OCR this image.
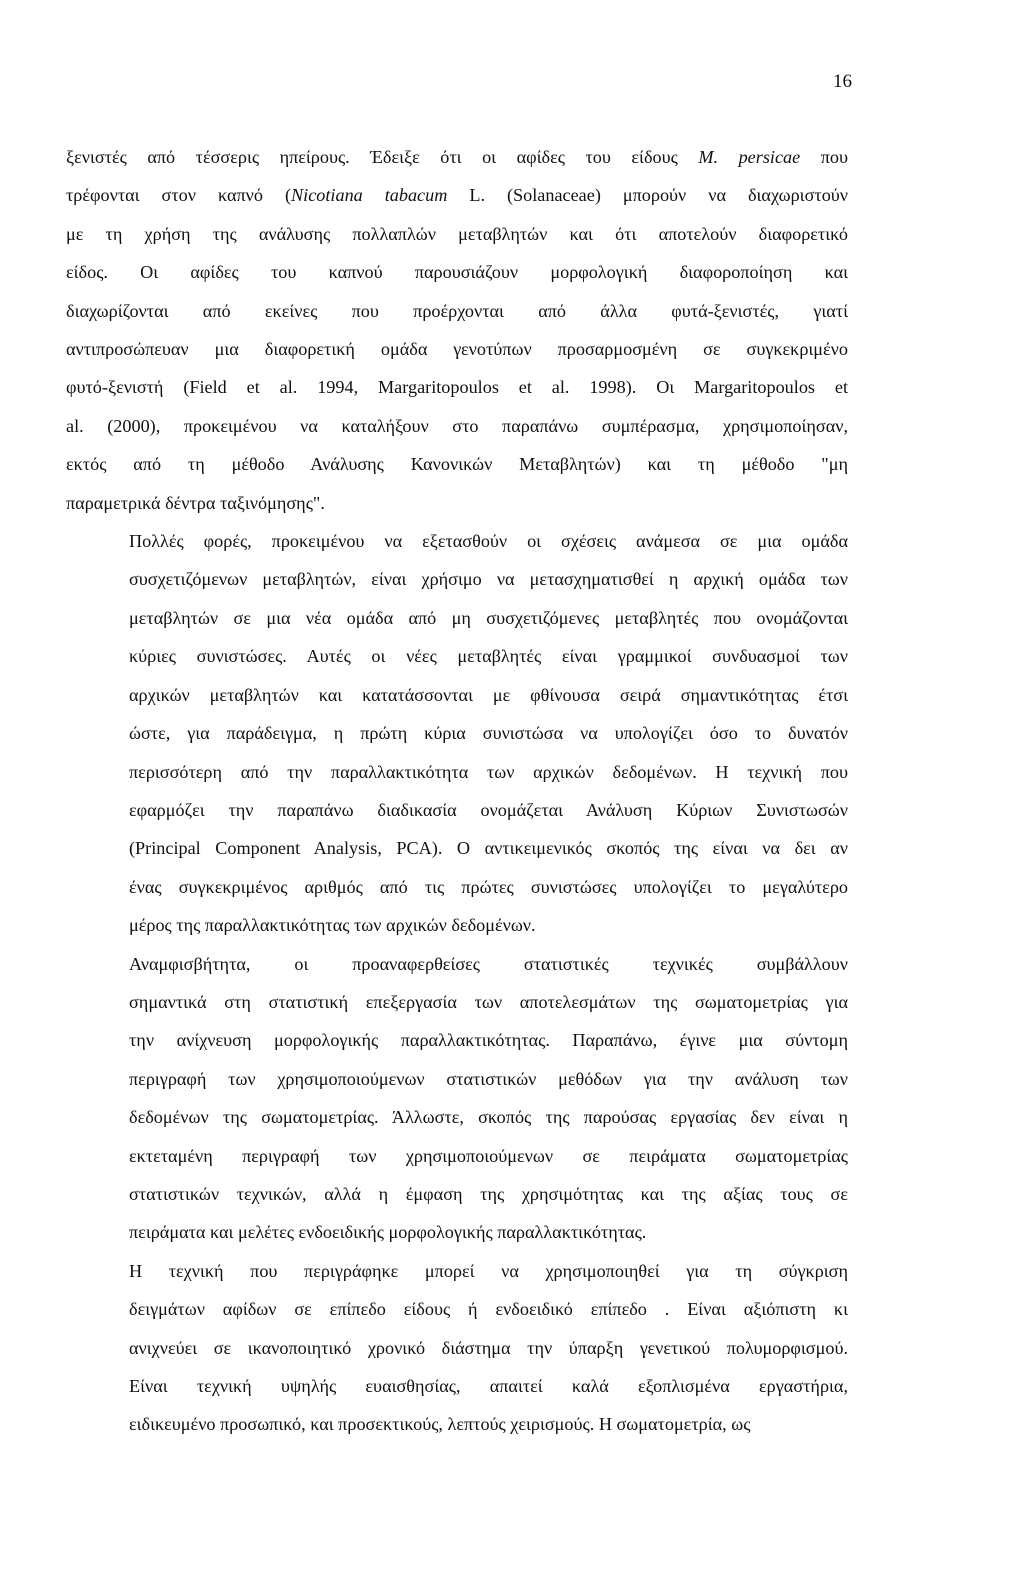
16
ξενιστές από τέσσερις ηπείρους. Έδειξε ότι οι αφίδες του είδους M. persicae που
τρέφονται στον καπνό (Nicotiana tabacum L. (Solanaceae) μπορούν να διαχωριστούν
με τη χρήση της ανάλυσης πολλαπλών μεταβλητών και ότι αποτελούν διαφορετικό
είδος. Οι αφίδες του καπνού παρουσιάζουν μορφολογική διαφοροποίηση και
διαχωρίζονται από εκείνες που προέρχονται από άλλα φυτά-ξενιστές, γιατί
αντιπροσώπευαν μια διαφορετική ομάδα γενοτύπων προσαρμοσμένη σε συγκεκριμένο
φυτό-ξενιστή (Field et al. 1994, Margaritopoulos et al. 1998). Οι Margaritopoulos et
al. (2000), προκειμένου να καταλήξουν στο παραπάνω συμπέρασμα, χρησιμοποίησαν,
εκτός από τη μέθοδο Ανάλυσης Κανονικών Μεταβλητών) και τη μέθοδο "μη
παραμετρικά δέντρα ταξινόμησης".
Πολλές φορές, προκειμένου να εξετασθούν οι σχέσεις ανάμεσα σε μια ομάδα
συσχετιζόμενων μεταβλητών, είναι χρήσιμο να μετασχηματισθεί η αρχική ομάδα των
μεταβλητών σε μια νέα ομάδα από μη συσχετιζόμενες μεταβλητές που ονομάζονται
κύριες συνιστώσες. Αυτές οι νέες μεταβλητές είναι γραμμικοί συνδυασμοί των
αρχικών μεταβλητών και κατατάσσονται με φθίνουσα σειρά σημαντικότητας έτσι
ώστε, για παράδειγμα, η πρώτη κύρια συνιστώσα να υπολογίζει όσο το δυνατόν
περισσότερη από την παραλλακτικότητα των αρχικών δεδομένων. Η τεχνική που
εφαρμόζει την παραπάνω διαδικασία ονομάζεται Ανάλυση Κύριων Συνιστωσών
(Principal Component Analysis, PCA). Ο αντικειμενικός σκοπός της είναι να δει αν
ένας συγκεκριμένος αριθμός από τις πρώτες συνιστώσες υπολογίζει το μεγαλύτερο
μέρος της παραλλακτικότητας των αρχικών δεδομένων.
Αναμφισβήτητα, οι προαναφερθείσες στατιστικές τεχνικές συμβάλλουν
σημαντικά στη στατιστική επεξεργασία των αποτελεσμάτων της σωματομετρίας για
την ανίχνευση μορφολογικής παραλλακτικότητας. Παραπάνω, έγινε μια σύντομη
περιγραφή των χρησιμοποιούμενων στατιστικών μεθόδων για την ανάλυση των
δεδομένων της σωματομετρίας. Άλλωστε, σκοπός της παρούσας εργασίας δεν είναι η
εκτεταμένη περιγραφή των χρησιμοποιούμενων σε πειράματα σωματομετρίας
στατιστικών τεχνικών, αλλά η έμφαση της χρησιμότητας και της αξίας τους σε
πειράματα και μελέτες ενδοειδικής μορφολογικής παραλλακτικότητας.
Η τεχνική που περιγράφηκε μπορεί να χρησιμοποιηθεί για τη σύγκριση
δειγμάτων αφίδων σε επίπεδο είδους ή ενδοειδικό επίπεδο . Είναι αξιόπιστη κι
ανιχνεύει σε ικανοποιητικό χρονικό διάστημα την ύπαρξη γενετικού πολυμορφισμού.
Είναι τεχνική υψηλής ευαισθησίας, απαιτεί καλά εξοπλισμένα εργαστήρια,
ειδικευμένο προσωπικό, και προσεκτικούς, λεπτούς χειρισμούς. Η σωματομετρία, ως
